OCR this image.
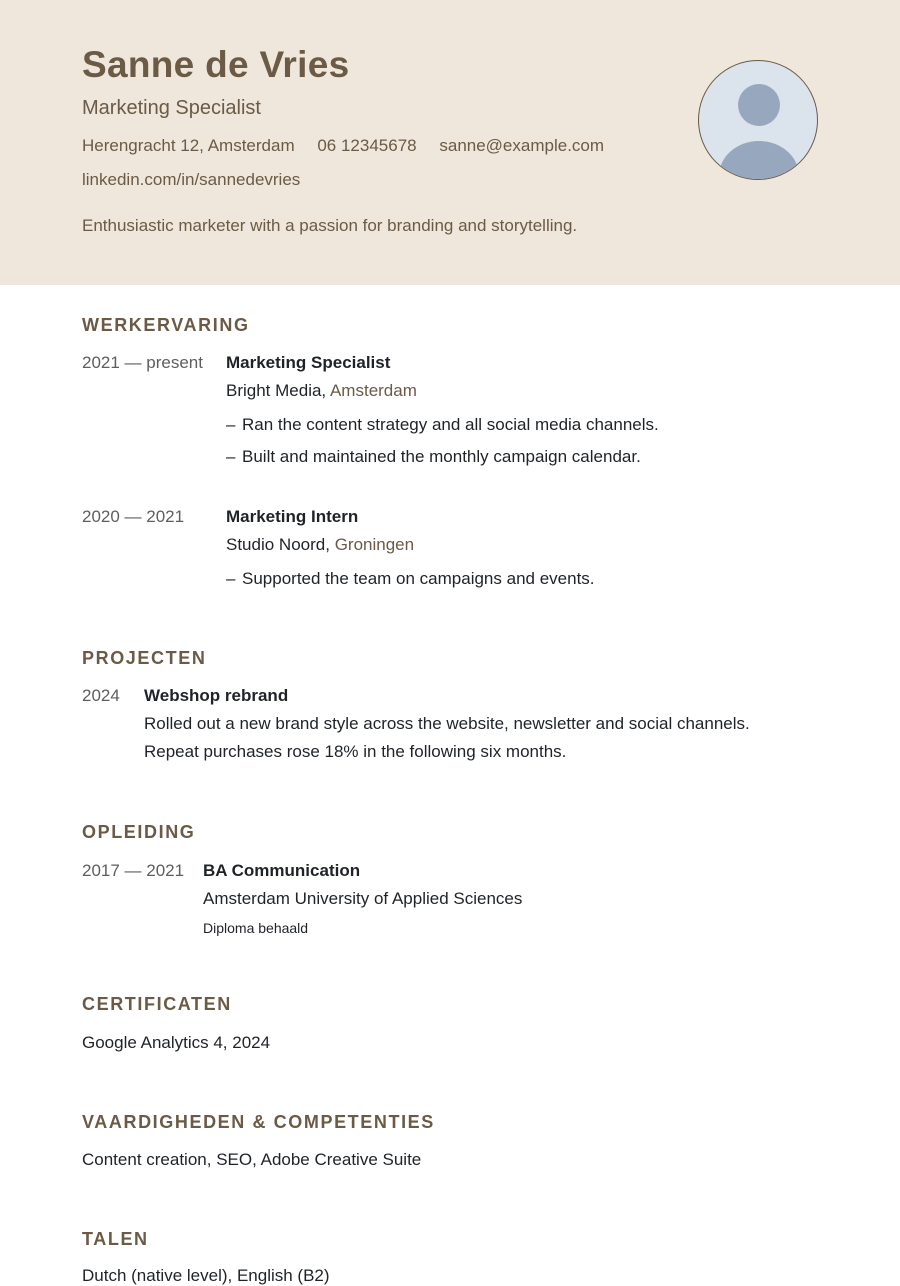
Sanne de Vries
Marketing Specialist
Herengracht 12, Amsterdam 06 12345678 sanne@example.com
linkedin.com/in/sannedevries
Enthusiastic marketer with a passion for branding and storytelling.
WERKERVARING
2021 — present Marketing Specialist
Bright Media, Amsterdam
– Ran the content strategy and all social media channels.
– Built and maintained the monthly campaign calendar.
2020 — 2021 Marketing Intern
Studio Noord, Groningen
– Supported the team on campaigns and events.
PROJECTEN
2024 Webshop rebrand
Rolled out a new brand style across the website, newsletter and social channels.
Repeat purchases rose 18% in the following six months.
OPLEIDING
2017 — 2021 BA Communication
Amsterdam University of Applied Sciences
Diploma behaald
CERTIFICATEN
Google Analytics 4, 2024
VAARDIGHEDEN & COMPETENTIES
Content creation, SEO, Adobe Creative Suite
TALEN
Dutch (native level), English (B2)
